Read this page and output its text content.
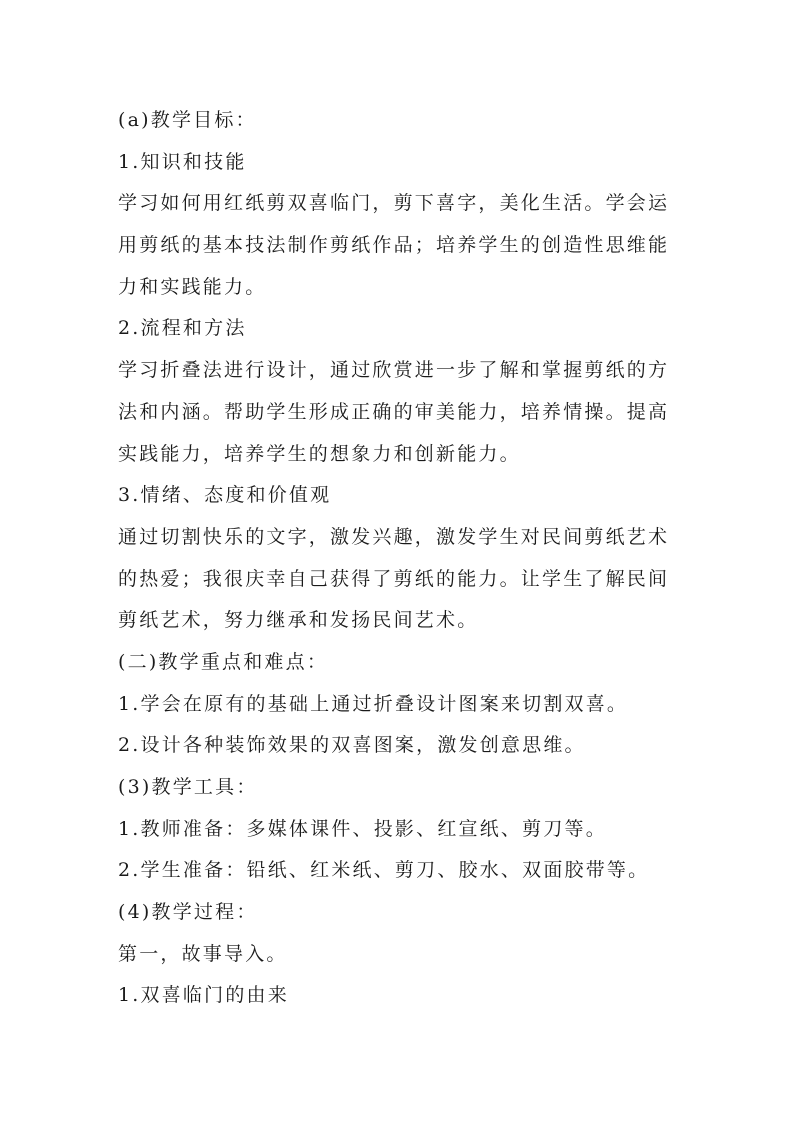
(a)教学目标：
1.知识和技能
学习如何用红纸剪双喜临门，剪下喜字，美化生活。学会运
用剪纸的基本技法制作剪纸作品；培养学生的创造性思维能
力和实践能力。
2.流程和方法
学习折叠法进行设计，通过欣赏进一步了解和掌握剪纸的方
法和内涵。帮助学生形成正确的审美能力，培养情操。提高
实践能力，培养学生的想象力和创新能力。
3.情绪、态度和价值观
通过切割快乐的文字，激发兴趣，激发学生对民间剪纸艺术
的热爱；我很庆幸自己获得了剪纸的能力。让学生了解民间
剪纸艺术，努力继承和发扬民间艺术。
(二)教学重点和难点：
1.学会在原有的基础上通过折叠设计图案来切割双喜。
2.设计各种装饰效果的双喜图案，激发创意思维。
(3)教学工具：
1.教师准备：多媒体课件、投影、红宣纸、剪刀等。
2.学生准备：铅纸、红米纸、剪刀、胶水、双面胶带等。
(4)教学过程：
第一，故事导入。
1.双喜临门的由来
